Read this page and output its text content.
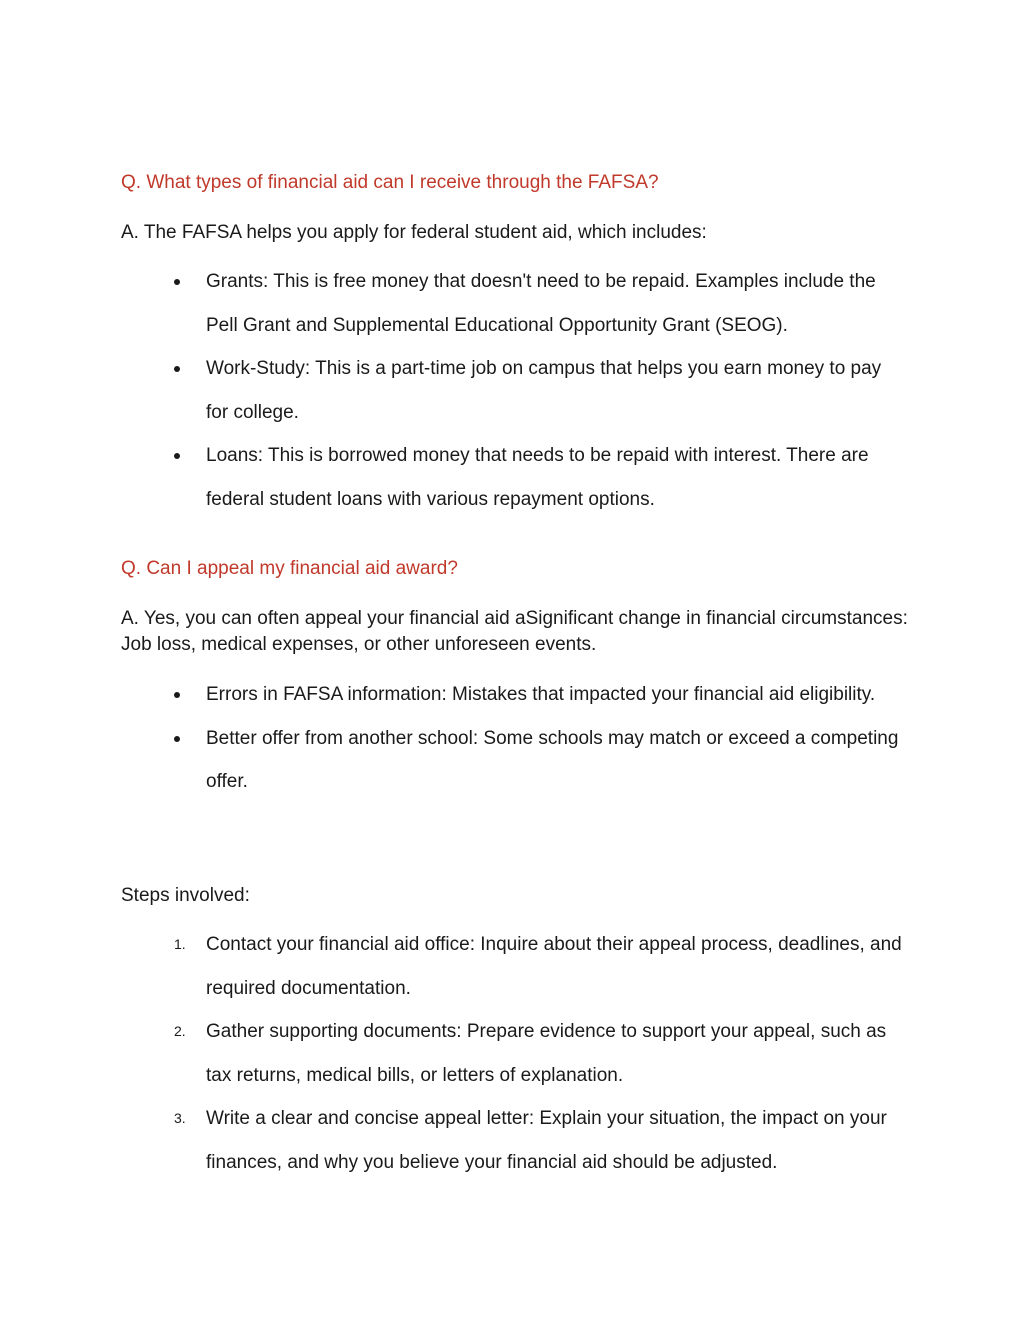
Q. What types of financial aid can I receive through the FAFSA?

A. The FAFSA helps you apply for federal student aid, which includes:

Grants: This is free money that doesn't need to be repaid. Examples include the Pell Grant and Supplemental Educational Opportunity Grant (SEOG).
Work-Study: This is a part-time job on campus that helps you earn money to pay for college.
Loans: This is borrowed money that needs to be repaid with interest. There are federal student loans with various repayment options.

Q. Can I appeal my financial aid award?

A. Yes, you can often appeal your financial aid aSignificant change in financial circumstances: Job loss, medical expenses, or other unforeseen events.

Errors in FAFSA information: Mistakes that impacted your financial aid eligibility.
Better offer from another school: Some schools may match or exceed a competing offer.

Steps involved:

1. Contact your financial aid office: Inquire about their appeal process, deadlines, and required documentation.
2. Gather supporting documents: Prepare evidence to support your appeal, such as tax returns, medical bills, or letters of explanation.
3. Write a clear and concise appeal letter: Explain your situation, the impact on your finances, and why you believe your financial aid should be adjusted.
